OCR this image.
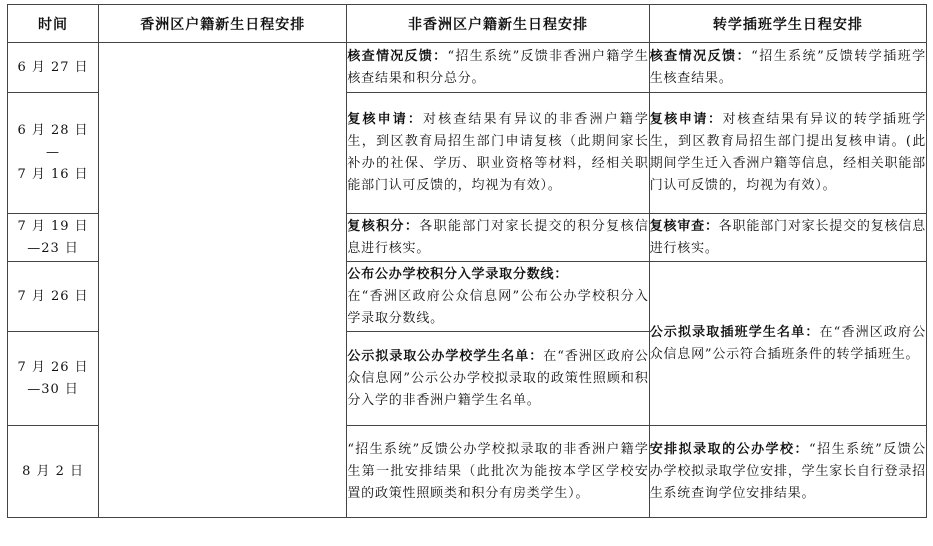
时间	香洲区户籍新生日程安排	非香洲区户籍新生日程安排	转学插班学生日程安排

6 月 27 日		核查情况反馈：“招生系统”反馈非香洲户籍学生核查结果和积分总分。	核查情况反馈：“招生系统”反馈转学插班学生核查结果。

6 月 28 日
—
7 月 16 日		复核申请：对核查结果有异议的非香洲户籍学生，到区教育局招生部门申请复核（此期间家长补办的社保、学历、职业资格等材料，经相关职能部门认可反馈的，均视为有效）。	复核申请：对核查结果有异议的转学插班学生，到区教育局招生部门提出复核申请。(此期间学生迁入香洲户籍等信息，经相关职能部门认可反馈的，均视为有效）。

7 月 19 日
—23 日		复核积分：各职能部门对家长提交的积分复核信息进行核实。	复核审查：各职能部门对家长提交的复核信息进行核实。

7 月 26 日		公布公办学校积分入学录取分数线：
在“香洲区政府公众信息网”公布公办学校积分入学录取分数线。	公示拟录取插班学生名单：在“香洲区政府公众信息网”公示符合插班条件的转学插班生。

7 月 26 日
—30 日		公示拟录取公办学校学生名单：在“香洲区政府公众信息网”公示公办学校拟录取的政策性照顾和积分入学的非香洲户籍学生名单。	

8 月 2 日		“招生系统”反馈公办学校拟录取的非香洲户籍学生第一批安排结果（此批次为能按本学区学校安置的政策性照顾类和积分有房类学生）。	安排拟录取的公办学校：“招生系统”反馈公办学校拟录取学位安排，学生家长自行登录招生系统查询学位安排结果。
